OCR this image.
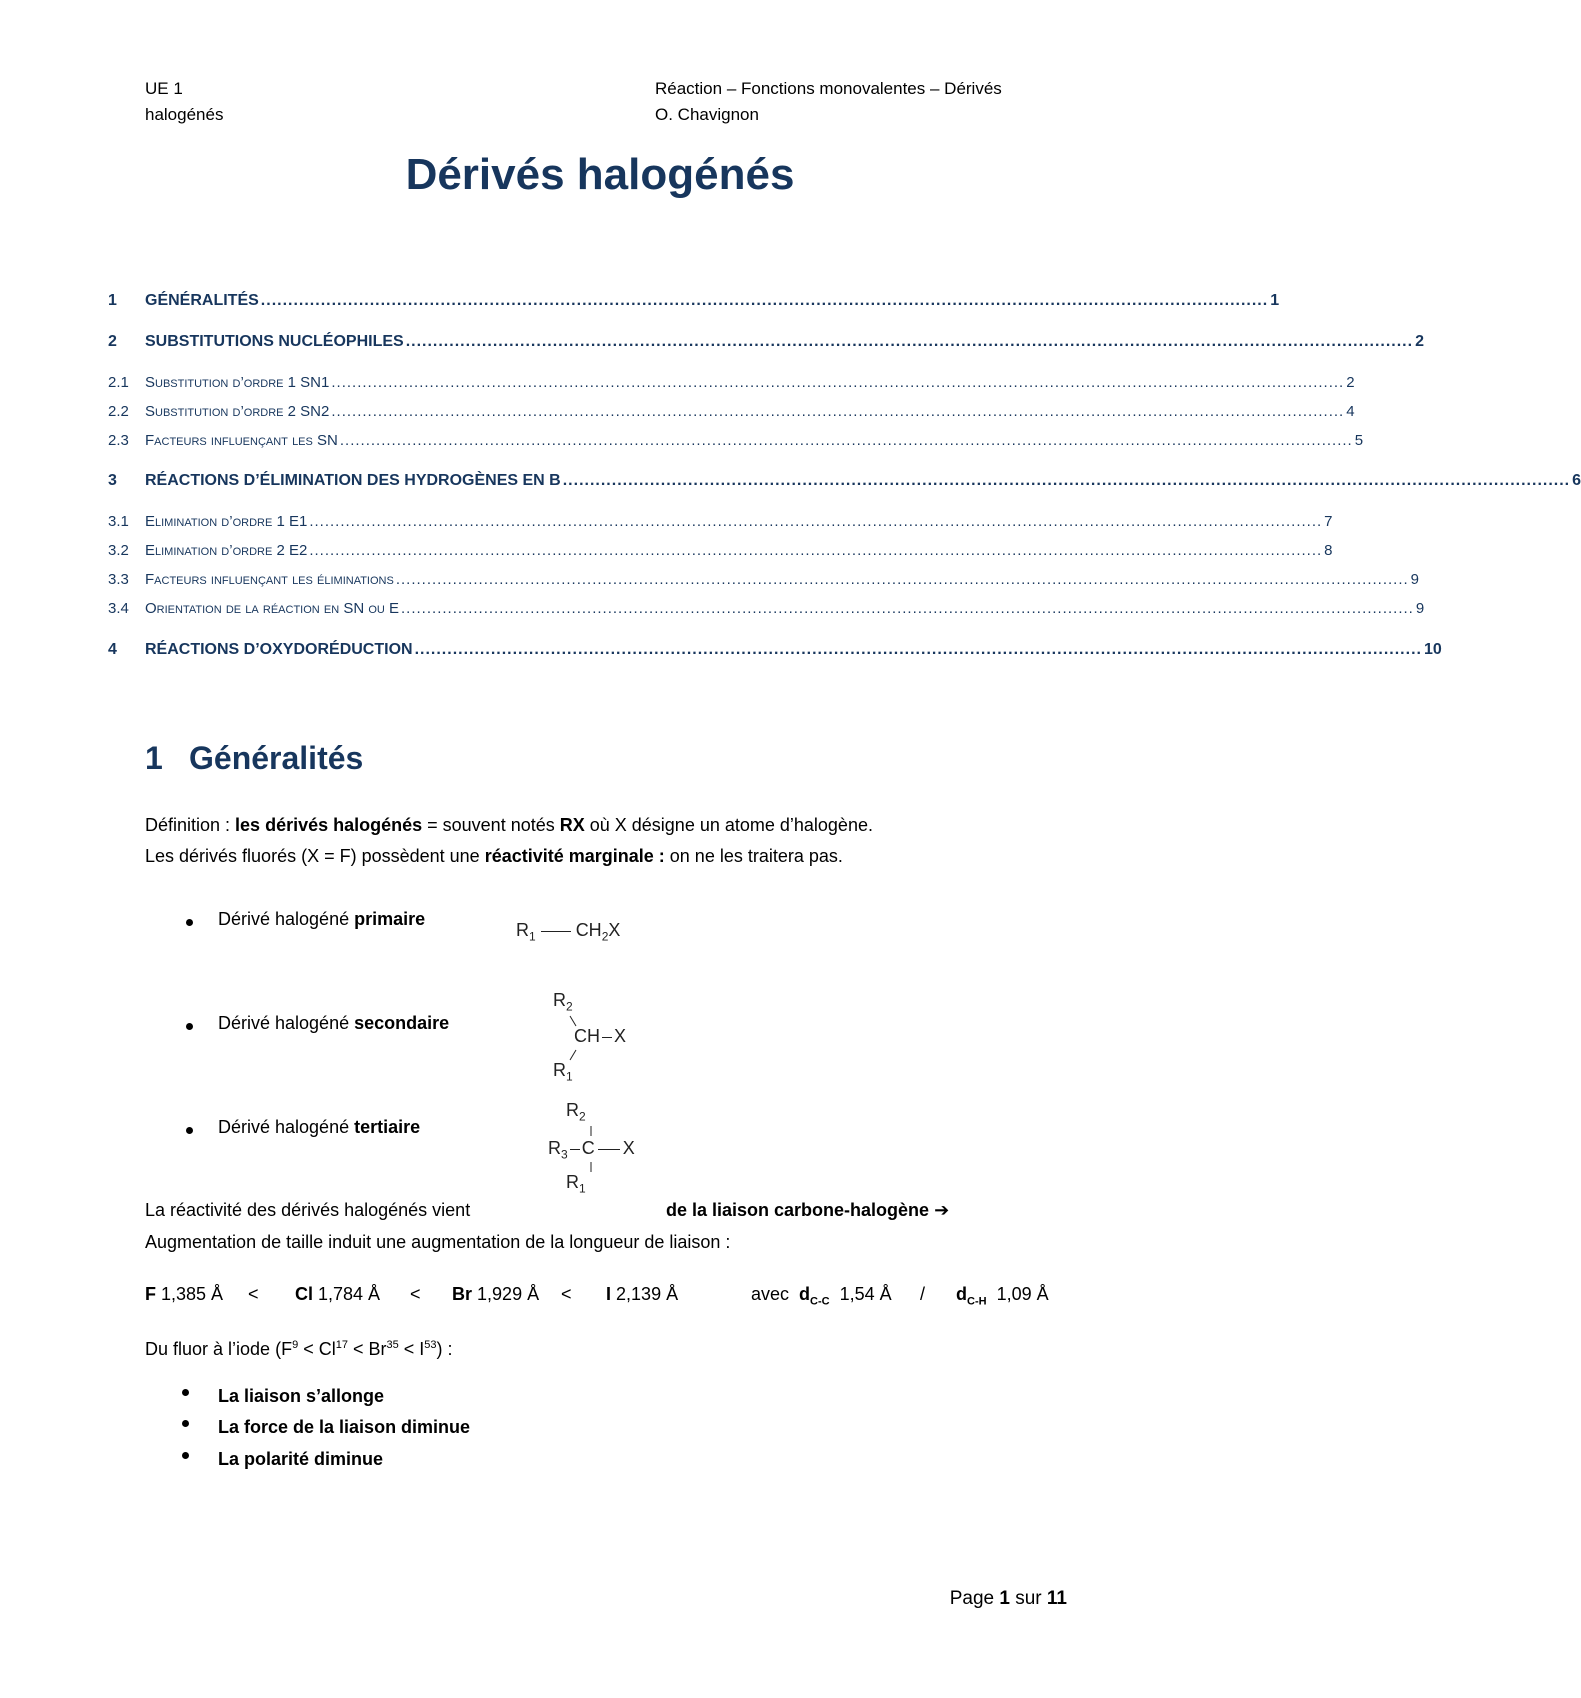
UE 1
halogénés
Réaction – Fonctions monovalentes – Dérivés
O. Chavignon
Dérivés halogénés
1	GÉNÉRALITÉS ......................................................................................................................................................................................... 1
2	SUBSTITUTIONS NUCLÉOPHILES ......................................................................................................................................................................................... 2
2.1	Substitution d’ordre 1 SN1 .................................................................................................................................................................................................... 2
2.2	Substitution d’ordre 2 SN2 .................................................................................................................................................................................................... 4
2.3	Facteurs influençant les SN .................................................................................................................................................................................................... 5
3	RÉACTIONS D’ÉLIMINATION DES HYDROGÈNES EN Β ......................................................................................................................................................................................... 6
3.1	Elimination d’ordre 1 E1 .................................................................................................................................................................................................... 7
3.2	Elimination d’ordre 2 E2 .................................................................................................................................................................................................... 8
3.3	Facteurs influençant les éliminations .................................................................................................................................................................................................... 9
3.4	Orientation de la réaction en SN ou E .................................................................................................................................................................................................... 9
4	RÉACTIONS D’OXYDORÉDUCTION ......................................................................................................................................................................................... 10
1 Généralités
Définition : les dérivés halogénés = souvent notés RX où X désigne un atome d’halogène.
Les dérivés fluorés (X = F) possèdent une réactivité marginale : on ne les traitera pas.
Dérivé halogéné primaire
$R_1$ $CH_2X$
Dérivé halogéné secondaire
$R_2$
CH X
$R_1$
Dérivé halogéné tertiaire
$R_2$
$R_3$ C X
$R_1$
La réactivité des dérivés halogénés vient	de la liaison carbone-halogène ➔
Augmentation de taille induit une augmentation de la longueur de liaison :
F 1,385 Å < Cl 1,784 Å < Br 1,929 Å < I 2,139 Å	avec $d_{C-C}$ 1,54 Å / $d_{C-H}$ 1,09 Å
Du fluor à l’iode $(F^9 < Cl^{17} < Br^{35} < I^{53})$ :
La liaison s’allonge
La force de la liaison diminue
La polarité diminue
Page 1 sur 11
